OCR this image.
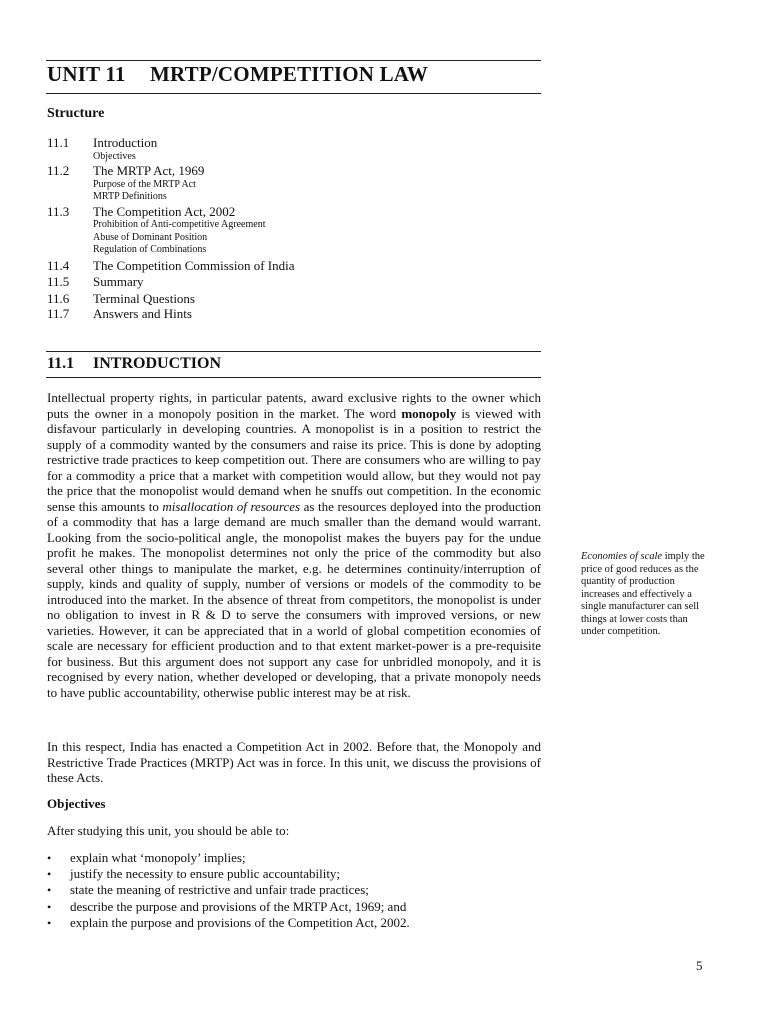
UNIT 11 MRTP/COMPETITION LAW
Structure
11.1 Introduction
Objectives
11.2 The MRTP Act, 1969
Purpose of the MRTP Act
MRTP Definitions
11.3 The Competition Act, 2002
Prohibition of Anti-competitive Agreement
Abuse of Dominant Position
Regulation of Combinations
11.4 The Competition Commission of India
11.5 Summary
11.6 Terminal Questions
11.7 Answers and Hints
11.1 INTRODUCTION

Intellectual property rights, in particular patents, award exclusive rights to the owner which puts the owner in a monopoly position in the market. The word monopoly is viewed with disfavour particularly in developing countries. A monopolist is in a position to restrict the supply of a commodity wanted by the consumers and raise its price. This is done by adopting restrictive trade practices to keep competition out. There are consumers who are willing to pay for a commodity a price that a market with competition would allow, but they would not pay the price that the monopolist would demand when he snuffs out competition. In the economic sense this amounts to misallocation of resources as the resources deployed into the production of a commodity that has a large demand are much smaller than the demand would warrant. Looking from the socio-political angle, the monopolist makes the buyers pay for the undue profit he makes. The monopolist determines not only the price of the commodity but also several other things to manipulate the market, e.g. he determines continuity/interruption of supply, kinds and quality of supply, number of versions or models of the commodity to be introduced into the market. In the absence of threat from competitors, the monopolist is under no obligation to invest in R & D to serve the consumers with improved versions, or new varieties. However, it can be appreciated that in a world of global competition economies of scale are necessary for efficient production and to that extent market-power is a pre-requisite for business. But this argument does not support any case for unbridled monopoly, and it is recognised by every nation, whether developed or developing, that a private monopoly needs to have public accountability, otherwise public interest may be at risk.

In this respect, India has enacted a Competition Act in 2002. Before that, the Monopoly and Restrictive Trade Practices (MRTP) Act was in force. In this unit, we discuss the provisions of these Acts.

Objectives
After studying this unit, you should be able to:
• explain what ‘monopoly’ implies;
• justify the necessity to ensure public accountability;
• state the meaning of restrictive and unfair trade practices;
• describe the purpose and provisions of the MRTP Act, 1969; and
• explain the purpose and provisions of the Competition Act, 2002.
Economies of scale imply the price of good reduces as the quantity of production increases and effectively a single manufacturer can sell things at lower costs than under competition.
5
